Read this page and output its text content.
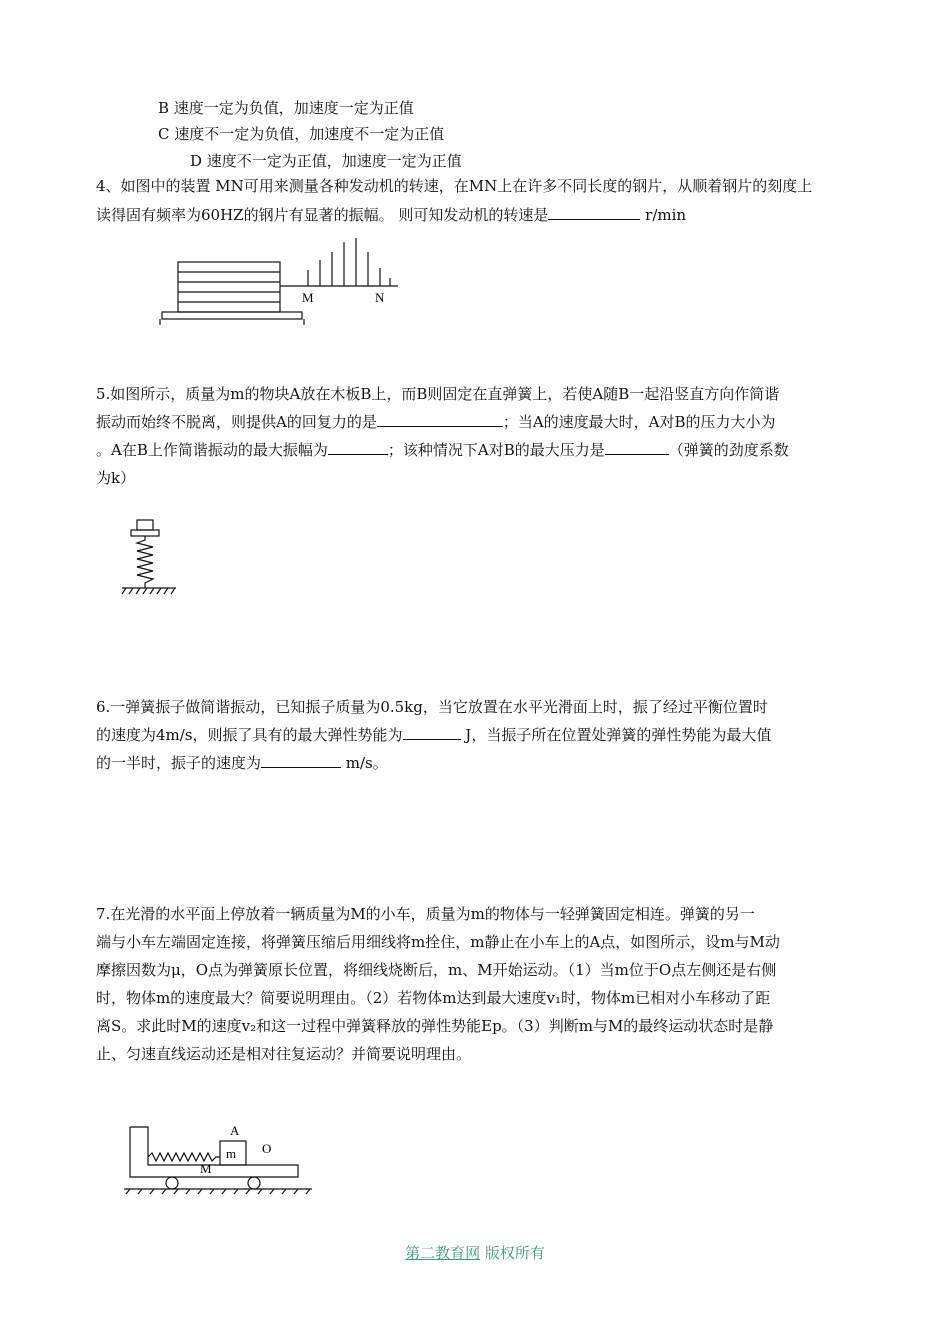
B 速度一定为负值，加速度一定为正值
C 速度不一定为负值，加速度不一定为正值
D 速度不一定为正值，加速度一定为正值
4、如图中的装置 MN可用来测量各种发动机的转速，在MN上在许多不同长度的钢片，从顺着钢片的刻度上
读得固有频率为60HZ的钢片有显著的振幅。 则可知发动机的转速是	r/min
M	N

5.如图所示，质量为m的物块A放在木板B上，而B则固定在直弹簧上，若使A随B一起沿竖直方向作简谐

振动而始终不脱离，则提供A的回复力的是	；当A的速度最大时，A对B的压力大小为

。A在B上作简谐振动的最大振幅为	；该种情况下A对B的最大压力是	（弹簧的劲度系数

为k）

6.一弹簧振子做简谐振动，已知振子质量为0.5kg，当它放置在水平光滑面上时，振了经过平衡位置时

的速度为4m/s，则振了具有的最大弹性势能为	J，当振子所在位置处弹簧的弹性势能为最大值

的一半时，振子的速度为	m/s。

7.在光滑的水平面上停放着一辆质量为M的小车，质量为m的物体与一轻弹簧固定相连。弹簧的另一

端与小车左端固定连接，将弹簧压缩后用细线将m拴住，m静止在小车上的A点，如图所示，设m与M动

摩擦因数为μ，O点为弹簧原长位置，将细线烧断后，m、M开始运动。（1）当m位于O点左侧还是右侧

时，物体m的速度最大？简要说明理由。（2）若物体m达到最大速度v₁时，物体m已相对小车移动了距

离S。求此时M的速度v₂和这一过程中弹簧释放的弹性势能Ep。（3）判断m与M的最终运动状态时是静

止、匀速直线运动还是相对往复运动？并简要说明理由。

A
m O
M
第二教育网 版权所有
